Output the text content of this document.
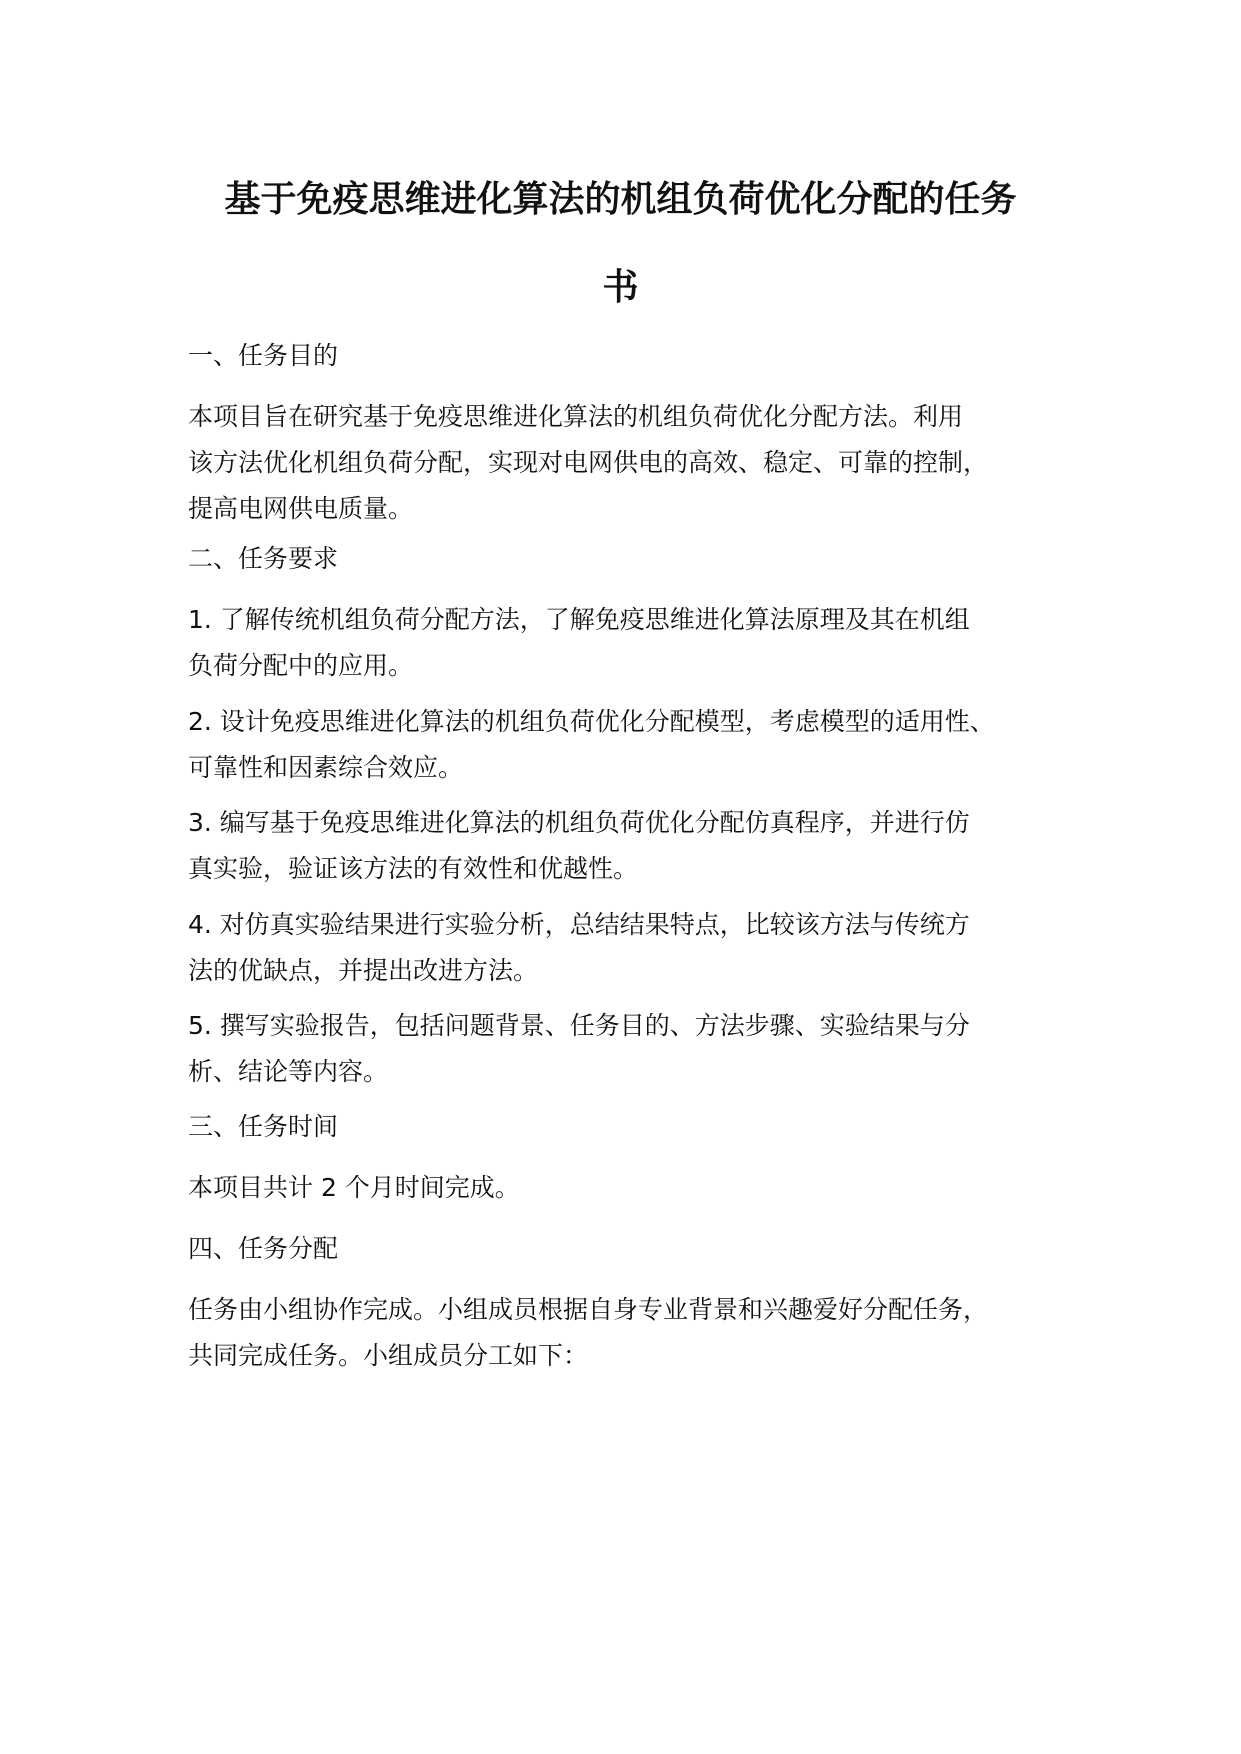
基于免疫思维进化算法的机组负荷优化分配的任务
书

一、任务目的

本项目旨在研究基于免疫思维进化算法的机组负荷优化分配方法。利用
该方法优化机组负荷分配，实现对电网供电的高效、稳定、可靠的控制，
提高电网供电质量。

二、任务要求

1. 了解传统机组负荷分配方法，了解免疫思维进化算法原理及其在机组
负荷分配中的应用。
2. 设计免疫思维进化算法的机组负荷优化分配模型，考虑模型的适用性、
可靠性和因素综合效应。
3. 编写基于免疫思维进化算法的机组负荷优化分配仿真程序，并进行仿
真实验，验证该方法的有效性和优越性。
4. 对仿真实验结果进行实验分析，总结结果特点，比较该方法与传统方
法的优缺点，并提出改进方法。
5. 撰写实验报告，包括问题背景、任务目的、方法步骤、实验结果与分
析、结论等内容。

三、任务时间

本项目共计 2 个月时间完成。

四、任务分配

任务由小组协作完成。小组成员根据自身专业背景和兴趣爱好分配任务，
共同完成任务。小组成员分工如下：
